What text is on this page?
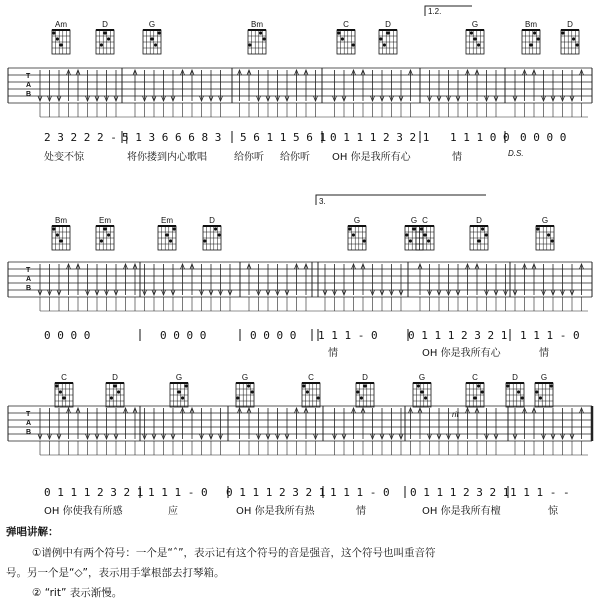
1.2.
3.
Am	D	G	Bm	C	D	G	Bm	D
Bm	Em	Em	D	G	G C	D	G
C	D	G	G	C	D	G	C	D	G
T
A
B
T
A
B
T
A
B
2 3 2 2 2 - |
5 1 3 6 6 6 8 3 5 6 1 1 5 6 1 0 1 1 1 2 3 2 1 1 1 1 0 0 0 0 0 0
0 0 0 0	0 0 0 0	0 0 0 0 1 1 1 - 0	0 1 1 1 2 3 2 1 1 1 1 - 0
0 1 1 1 2 3 2 1 1 1 1 - 0 0 1 1 1 2 3 2 1 1 1 1 - 0 0 1 1 1 2 3 2 1 1 1 1 - -
处变不惊	将你搂到内心歌唱	给你听 给你听 OH 你是我所有心	情
情	OH 你是我所有心	情
OH 你使我有所感	应	OH 你是我所有热	情	OH 你是我所有檀	惊
D.S.
rit
弹唱讲解：
①谱例中有两个符号：一个是“ˆ”，表示记有这个符号的音是强音，这个符号也叫重音符
号。另一个是“◇”，表示用手掌根部去打琴箱。
② “rit” 表示渐慢。
